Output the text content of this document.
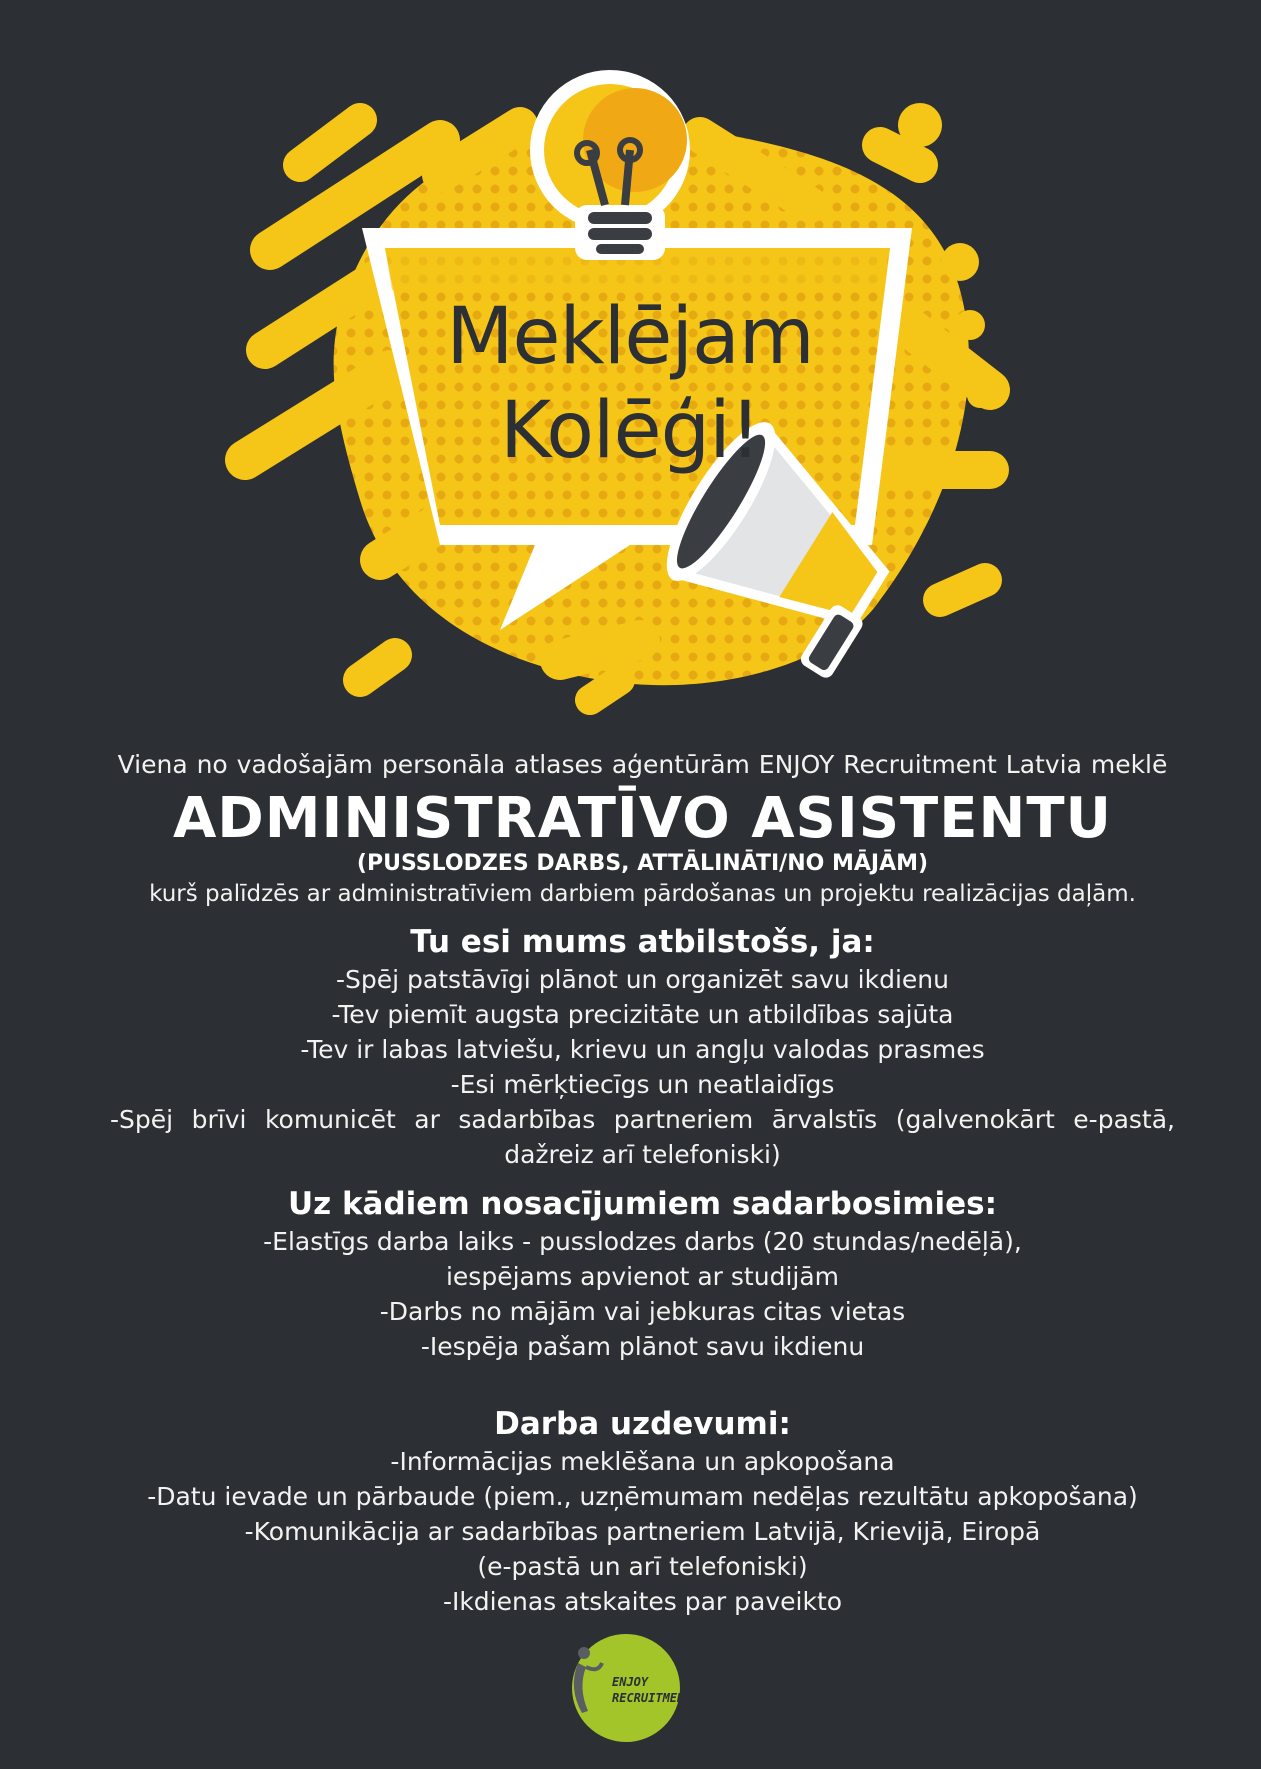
Meklējam
Kolēģi!

Viena no vadošajām personāla atlases aģentūrām ENJOY Recruitment Latvia meklē

ADMINISTRATĪVO ASISTENTU

(PUSSLODZES DARBS, ATTĀLINĀTI/NO MĀJĀM)

kurš palīdzēs ar administratīviem darbiem pārdošanas un projektu realizācijas daļām.

Tu esi mums atbilstošs, ja:

-Spēj patstāvīgi plānot un organizēt savu ikdienu

-Tev piemīt augsta precizitāte un atbildības sajūta

-Tev ir labas latviešu, krievu un angļu valodas prasmes

-Esi mērķtiecīgs un neatlaidīgs

-Spēj brīvi komunicēt ar sadarbības partneriem ārvalstīs (galvenokārt e-pastā, dažreiz arī telefoniski)

Uz kādiem nosacījumiem sadarbosimies:

-Elastīgs darba laiks - pusslodzes darbs (20 stundas/nedēļā), iespējams apvienot ar studijām

-Darbs no mājām vai jebkuras citas vietas

-Iespēja pašam plānot savu ikdienu

Darba uzdevumi:

-Informācijas meklēšana un apkopošana

-Datu ievade un pārbaude (piem., uzņēmumam nedēļas rezultātu apkopošana)

-Komunikācija ar sadarbības partneriem Latvijā, Krievijā, Eiropā

(e-pastā un arī telefoniski)

-Ikdienas atskaites par paveikto

ENJOY
RECRUITMENT
